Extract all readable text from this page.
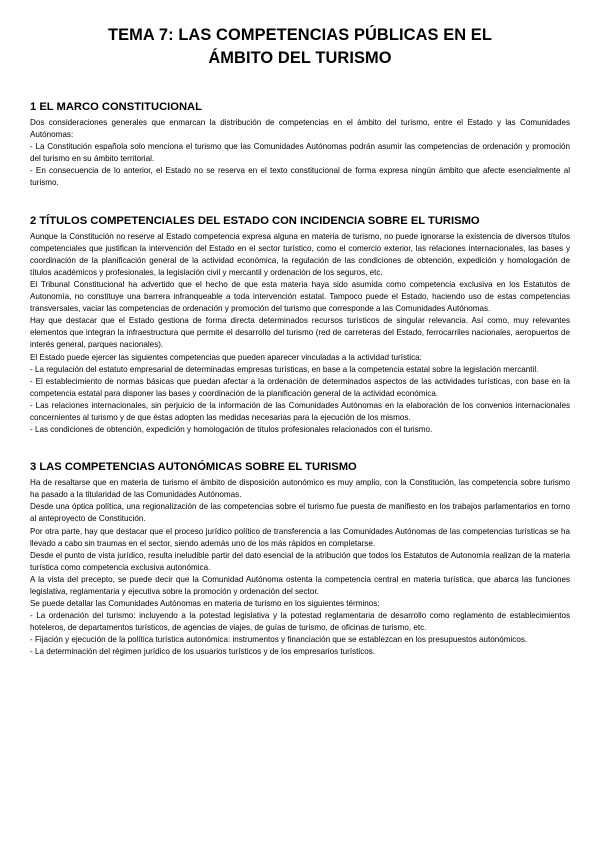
TEMA 7: LAS COMPETENCIAS PÚBLICAS EN EL
ÁMBITO DEL TURISMO
1 EL MARCO CONSTITUCIONAL

Dos consideraciones generales que enmarcan la distribución de competencias en el ámbito del turismo, entre el Estado y las Comunidades Autónomas:

- La Constitución española solo menciona el turismo que las Comunidades Autónomas podrán asumir las competencias de ordenación y promoción del turismo en su ámbito territorial.

- En consecuencia de lo anterior, el Estado no se reserva en el texto constitucional de forma expresa ningún ámbito que afecte esencialmente al turismo.

2 TÍTULOS COMPETENCIALES DEL ESTADO CON INCIDENCIA SOBRE EL TURISMO

Aunque la Constitución no reserve al Estado competencia expresa alguna en materia de turismo, no puede ignorarse la existencia de diversos títulos competenciales que justifican la intervención del Estado en el sector turístico, como el comercio exterior, las relaciones internacionales, las bases y coordinación de la planificación general de la actividad económica, la regulación de las condiciones de obtención, expedición y homologación de títulos académicos y profesionales, la legislación civil y mercantil y ordenación de los seguros, etc.

El Tribunal Constitucional ha advertido que el hecho de que esta materia haya sido asumida como competencia exclusiva en los Estatutos de Autonomía, no constituye una barrera infranqueable a toda intervención estatal. Tampoco puede el Estado, haciendo uso de estas competencias transversales, vaciar las competencias de ordenación y promoción del turismo que corresponde a las Comunidades Autónomas.

Hay que destacar que el Estado gestiona de forma directa determinados recursos turísticos de singular relevancia. Así como, muy relevantes elementos que integran la infraestructura que permite el desarrollo del turismo (red de carreteras del Estado, ferrocarriles nacionales, aeropuertos de interés general, parques nacionales).

El Estado puede ejercer las siguientes competencias que pueden aparecer vinculadas a la actividad turística:

- La regulación del estatuto empresarial de determinadas empresas turísticas, en base a la competencia estatal sobre la legislación mercantil.

- El establecimiento de normas básicas que puedan afectar a la ordenación de determinados aspectos de las actividades turísticas, con base en la competencia estatal para disponer las bases y coordinación de la planificación general de la actividad económica.

- Las relaciones internacionales, sin perjuicio de la información de las Comunidades Autónomas en la elaboración de los convenios internacionales concernientes al turismo y de que éstas adopten las medidas necesarias para la ejecución de los mismos.

- Las condiciones de obtención, expedición y homologación de títulos profesionales relacionados con el turismo.

3 LAS COMPETENCIAS AUTONÓMICAS SOBRE EL TURISMO

Ha de resaltarse que en materia de turismo el ámbito de disposición autonómico es muy amplio, con la Constitución, las competencia sobre turismo ha pasado a la titularidad de las Comunidades Autónomas.

Desde una óptica política, una regionalización de las competencias sobre el turismo fue puesta de manifiesto en los trabajos parlamentarios en torno al anteproyecto de Constitución.

Por otra parte, hay que destacar que el proceso jurídico político de transferencia a las Comunidades Autónomas de las competencias turísticas se ha llevado a cabo sin traumas en el sector, siendo además uno de los más rápidos en completarse.

Desde el punto de vista jurídico, resulta ineludible partir del dato esencial de la atribución que todos los Estatutos de Autonomía realizan de la materia turística como competencia exclusiva autonómica.

A la vista del precepto, se puede decir que la Comunidad Autónoma ostenta la competencia central en materia turística, que abarca las funciones legislativa, reglamentaria y ejecutiva sobre la promoción y ordenación del sector.

Se puede detallar las Comunidades Autónomas en materia de turismo en los siguientes términos:

- La ordenación del turismo: incluyendo a la potestad legislativa y la potestad reglamentaria de desarrollo como reglamento de establecimientos hoteleros, de departamentos turísticos, de agencias de viajes, de guías de turismo, de oficinas de turismo, etc.

- Fijación y ejecución de la política turística autonómica: instrumentos y financiación que se establezcan en los presupuestos autonómicos.

- La determinación del régimen jurídico de los usuarios turísticos y de los empresarios turísticos.
